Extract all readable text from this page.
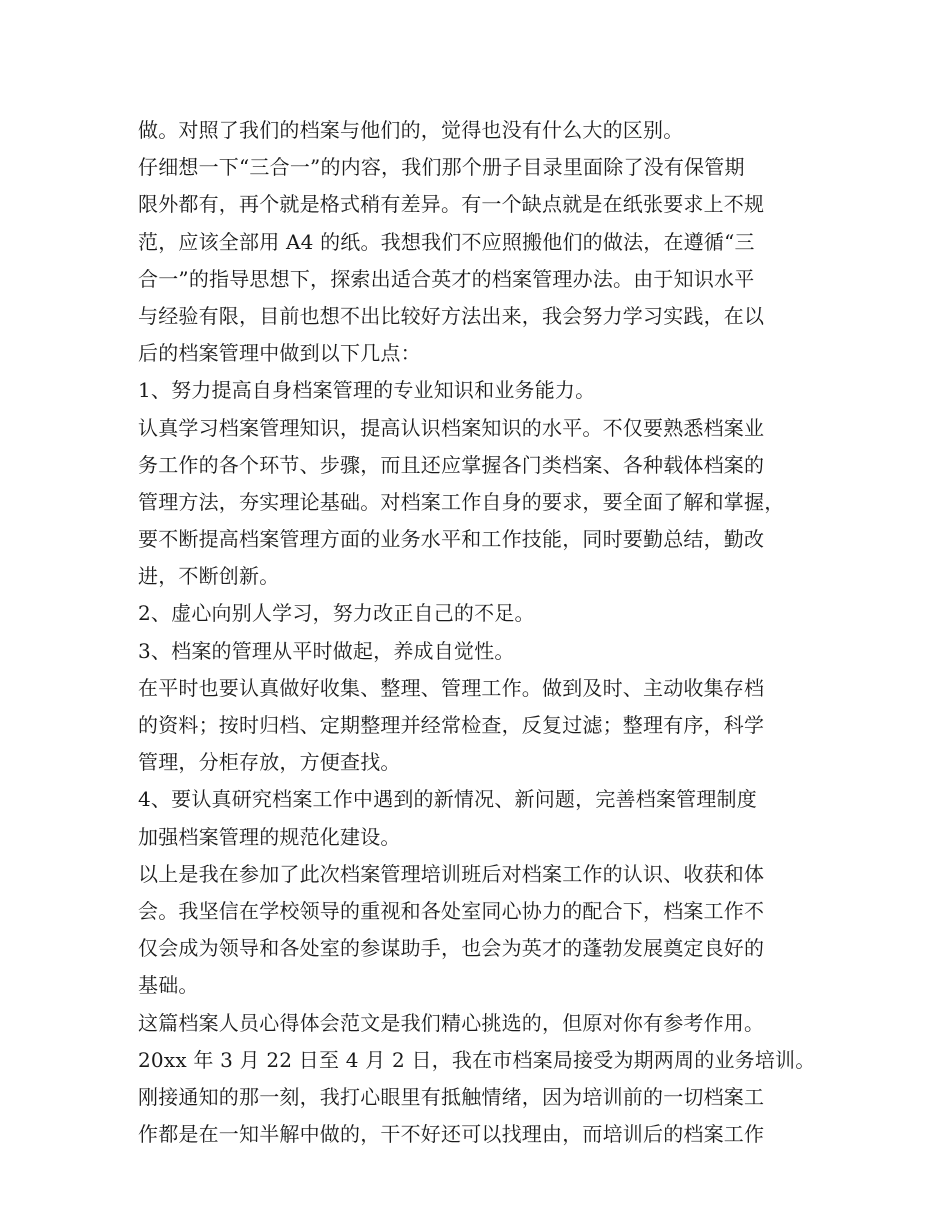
做。对照了我们的档案与他们的，觉得也没有什么大的区别。
仔细想一下“三合一”的内容，我们那个册子目录里面除了没有保管期
限外都有，再个就是格式稍有差异。有一个缺点就是在纸张要求上不规
范，应该全部用 A4 的纸。我想我们不应照搬他们的做法，在遵循“三
合一”的指导思想下，探索出适合英才的档案管理办法。由于知识水平
与经验有限，目前也想不出比较好方法出来，我会努力学习实践，在以
后的档案管理中做到以下几点：
1、努力提高自身档案管理的专业知识和业务能力。
认真学习档案管理知识，提高认识档案知识的水平。不仅要熟悉档案业
务工作的各个环节、步骤，而且还应掌握各门类档案、各种载体档案的
管理方法，夯实理论基础。对档案工作自身的要求，要全面了解和掌握，
要不断提高档案管理方面的业务水平和工作技能，同时要勤总结，勤改
进，不断创新。
2、虚心向别人学习，努力改正自己的不足。
3、档案的管理从平时做起，养成自觉性。
在平时也要认真做好收集、整理、管理工作。做到及时、主动收集存档
的资料；按时归档、定期整理并经常检查，反复过滤；整理有序，科学
管理，分柜存放，方便查找。
4、要认真研究档案工作中遇到的新情况、新问题，完善档案管理制度
加强档案管理的规范化建设。
以上是我在参加了此次档案管理培训班后对档案工作的认识、收获和体
会。我坚信在学校领导的重视和各处室同心协力的配合下，档案工作不
仅会成为领导和各处室的参谋助手，也会为英才的蓬勃发展奠定良好的
基础。
这篇档案人员心得体会范文是我们精心挑选的，但原对你有参考作用。
20xx 年 3 月 22 日至 4 月 2 日，我在市档案局接受为期两周的业务培训。
刚接通知的那一刻，我打心眼里有抵触情绪，因为培训前的一切档案工
作都是在一知半解中做的，干不好还可以找理由，而培训后的档案工作
